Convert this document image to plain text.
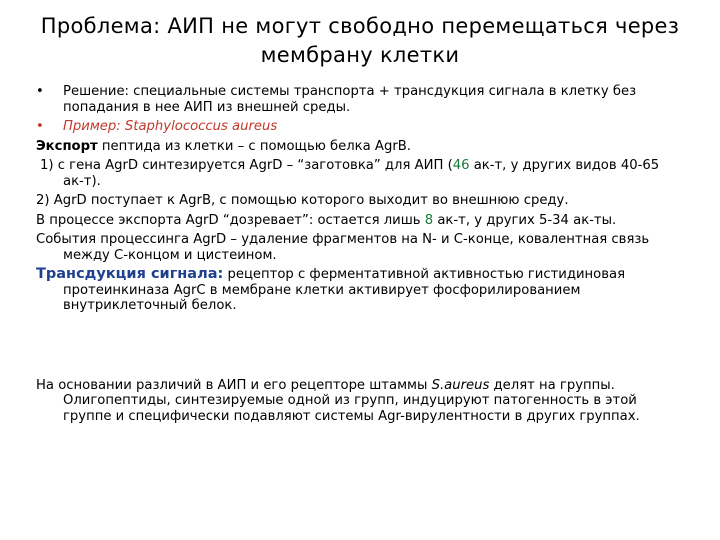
Проблема: АИП не могут свободно перемещаться через мембрану клетки
• Решение: специальные системы транспорта + трансдукция сигнала в клетку без попадания в нее АИП из внешней среды.
• Пример: Staphylococcus aureus
Экспорт пептида из клетки – с помощью белка AgrB.
1) с гена AgrD синтезируется AgrD – “заготовка” для АИП (46 ак-т, у других видов 40-65 ак-т).
2) AgrD поступает к AgrB, с помощью которого выходит во внешнюю среду.
В процессе экспорта AgrD “дозревает”: остается лишь 8 ак-т, у других 5-34 ак-ты.
События процессинга AgrD – удаление фрагментов на N- и С-конце, ковалентная связь между С-концом и цистеином.
Трансдукция сигнала: рецептор с ферментативной активностью гистидиновая протеинкиназа AgrC в мембране клетки активирует фосфорилированием внутриклеточный белок.
На основании различий в АИП и его рецепторе штаммы S.aureus делят на группы. Олигопептиды, синтезируемые одной из групп, индуцируют патогенность в этой группе и специфически подавляют системы Agr-вирулентности в других группах.
